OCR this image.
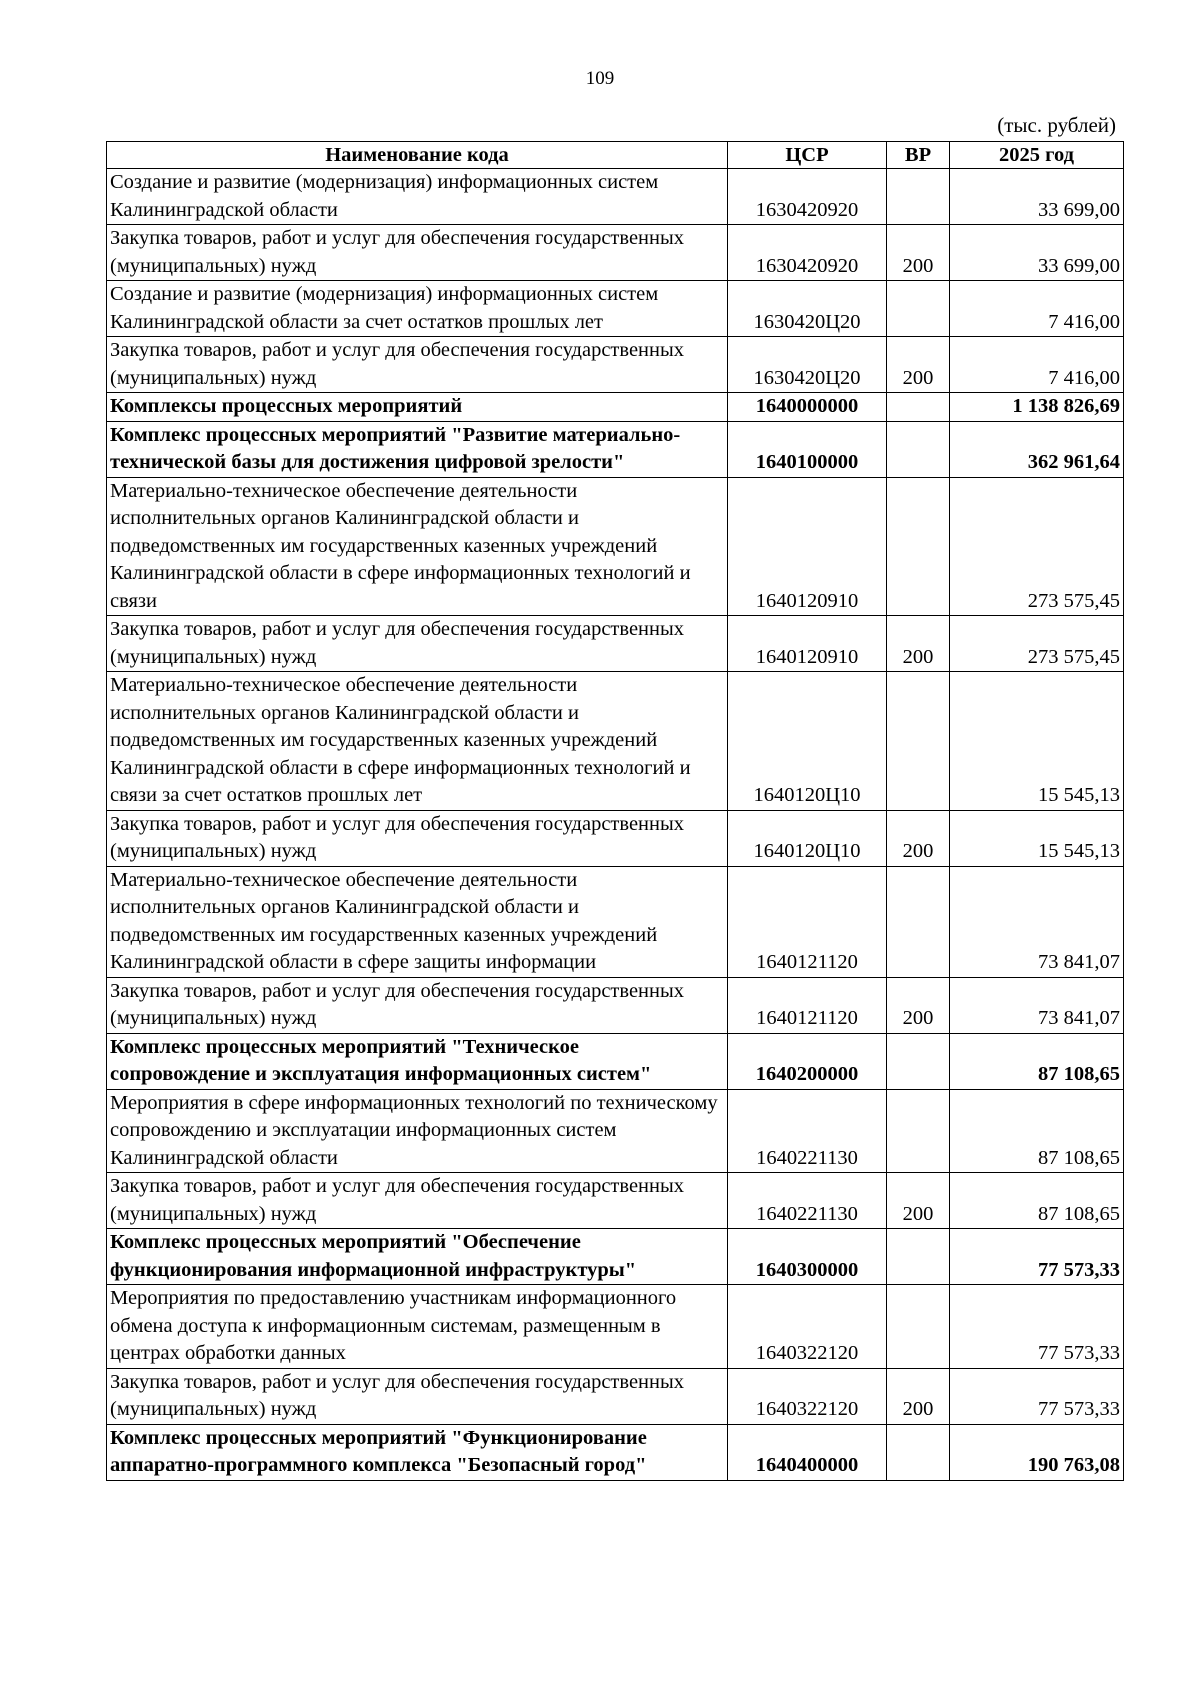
109
(тыс. рублей)
Наименование кода	ЦСР	ВР	2025 год
Создание и развитие (модернизация) информационных систем Калининградской области	1630420920		33 699,00
Закупка товаров, работ и услуг для обеспечения государственных (муниципальных) нужд	1630420920	200	33 699,00
Создание и развитие (модернизация) информационных систем Калининградской области за счет остатков прошлых лет	1630420Ц20		7 416,00
Закупка товаров, работ и услуг для обеспечения государственных (муниципальных) нужд	1630420Ц20	200	7 416,00
Комплексы процессных мероприятий	1640000000		1 138 826,69
Комплекс процессных мероприятий "Развитие материально-технической базы для достижения цифровой зрелости"	1640100000		362 961,64
Материально-техническое обеспечение деятельности исполнительных органов Калининградской области и подведомственных им государственных казенных учреждений Калининградской области в сфере информационных технологий и связи	1640120910		273 575,45
Закупка товаров, работ и услуг для обеспечения государственных (муниципальных) нужд	1640120910	200	273 575,45
Материально-техническое обеспечение деятельности исполнительных органов Калининградской области и подведомственных им государственных казенных учреждений Калининградской области в сфере информационных технологий и связи за счет остатков прошлых лет	1640120Ц10		15 545,13
Закупка товаров, работ и услуг для обеспечения государственных (муниципальных) нужд	1640120Ц10	200	15 545,13
Материально-техническое обеспечение деятельности исполнительных органов Калининградской области и подведомственных им государственных казенных учреждений Калининградской области в сфере защиты информации	1640121120		73 841,07
Закупка товаров, работ и услуг для обеспечения государственных (муниципальных) нужд	1640121120	200	73 841,07
Комплекс процессных мероприятий "Техническое сопровождение и эксплуатация информационных систем"	1640200000		87 108,65
Мероприятия в сфере информационных технологий по техническому сопровождению и эксплуатации информационных систем Калининградской области	1640221130		87 108,65
Закупка товаров, работ и услуг для обеспечения государственных (муниципальных) нужд	1640221130	200	87 108,65
Комплекс процессных мероприятий "Обеспечение функционирования информационной инфраструктуры"	1640300000		77 573,33
Мероприятия по предоставлению участникам информационного обмена доступа к информационным системам, размещенным в центрах обработки данных	1640322120		77 573,33
Закупка товаров, работ и услуг для обеспечения государственных (муниципальных) нужд	1640322120	200	77 573,33
Комплекс процессных мероприятий "Функционирование аппаратно-программного комплекса "Безопасный город"	1640400000		190 763,08
